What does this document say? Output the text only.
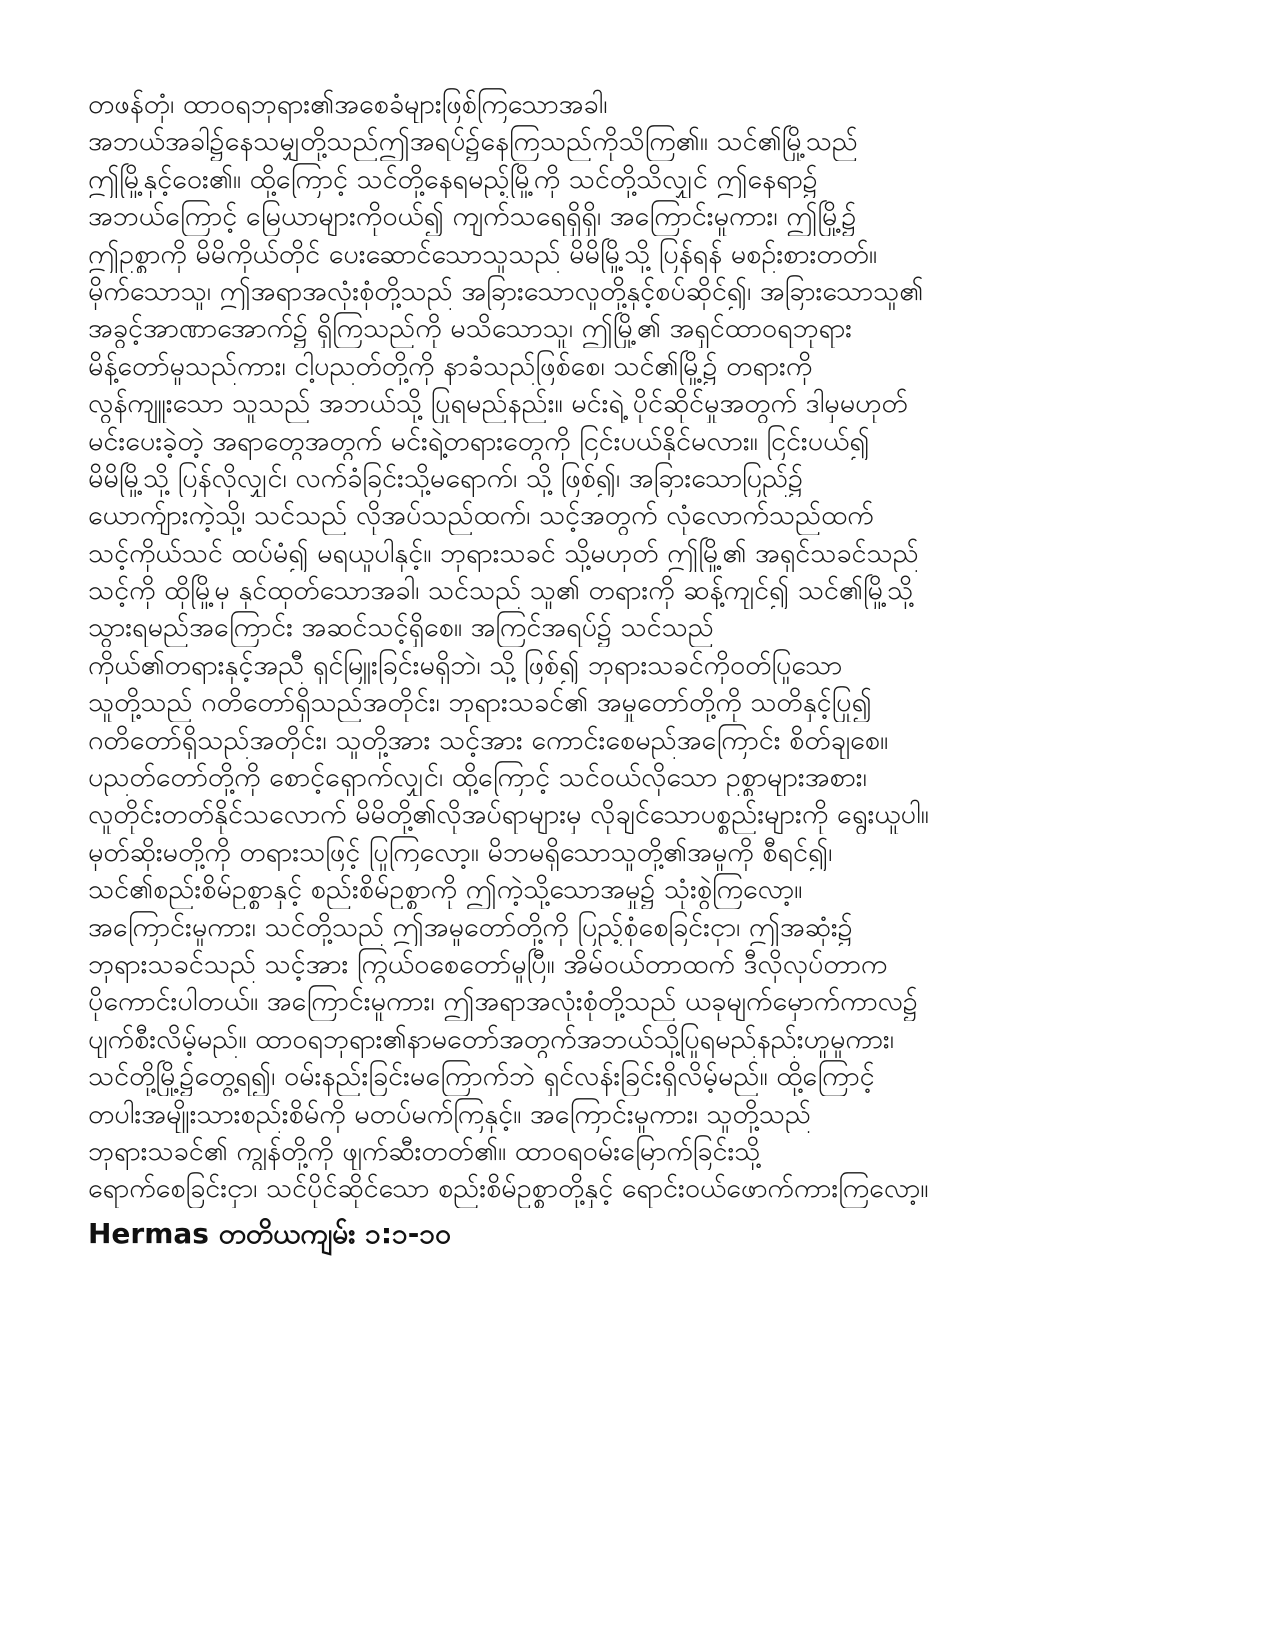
တဖန်တုံ၊ ထာဝရဘုရား၏အစေခံများဖြစ်ကြသောအခါ၊
အဘယ်အခါ၌နေသမျှတို့သည်ဤအရပ်၌နေကြသည်ကိုသိကြ၏။ သင်၏မြို့သည်
ဤမြို့နှင့်ဝေး၏။ ထို့ကြောင့် သင်တို့နေရမည့်မြို့ကို သင်တို့သိလျှင် ဤနေရာ၌
အဘယ်ကြောင့် မြေယာများကိုဝယ်၍ ကျက်သရေရှိရှိ၊ အကြောင်းမူကား၊ ဤမြို့၌
ဤဥစ္စာကို မိမိကိုယ်တိုင် ပေးဆောင်သောသူသည် မိမိမြို့သို့ ပြန်ရန် မစဉ်းစားတတ်။
မိုက်သောသူ၊ ဤအရာအလုံးစုံတို့သည် အခြားသောလူတို့နှင့်စပ်ဆိုင်၍၊ အခြားသောသူ၏
အခွင့်အာဏာအောက်၌ ရှိကြသည်ကို မသိသောသူ၊ ဤမြို့၏ အရှင်ထာဝရဘုရား
မိန့်တော်မူသည်ကား၊ ငါ့ပညတ်တို့ကို နာခံသည်ဖြစ်စေ၊ သင်၏မြို့၌ တရားကို
လွန်ကျူးသော သူသည် အဘယ်သို့ ပြုရမည်နည်း။ မင်းရဲ့ ပိုင်ဆိုင်မှုအတွက် ဒါမှမဟုတ်
မင်းပေးခဲ့တဲ့ အရာတွေအတွက် မင်းရဲ့တရားတွေကို ငြင်းပယ်နိုင်မလား။ ငြင်းပယ်၍
မိမိမြို့သို့ ပြန်လိုလျှင်၊ လက်ခံခြင်းသို့မရောက်၊ သို့ ဖြစ်၍၊ အခြားသောပြည်၌
ယောက်ျားကဲ့သို့၊ သင်သည် လိုအပ်သည်ထက်၊ သင့်အတွက် လုံလောက်သည်ထက်
သင့်ကိုယ်သင် ထပ်မံ၍ မရယူပါနှင့်။ ဘုရားသခင် သို့မဟုတ် ဤမြို့၏ အရှင်သခင်သည်
သင့်ကို ထိုမြို့မှ နှင်ထုတ်သောအခါ၊ သင်သည် သူ၏ တရားကို ဆန့်ကျင်၍ သင်၏မြို့သို့
သွားရမည်အကြောင်း အဆင်သင့်ရှိစေ။ အကြင်အရပ်၌ သင်သည်
ကိုယ်၏တရားနှင့်အညီ ရှင်မြူးခြင်းမရှိဘဲ၊ သို့ ဖြစ်၍ ဘုရားသခင်ကိုဝတ်ပြုသော
သူတို့သည် ဂတိတော်ရှိသည်အတိုင်း၊ ဘုရားသခင်၏ အမှုတော်တို့ကို သတိနှင့်ပြု၍
ဂတိတော်ရှိသည်အတိုင်း၊ သူတို့အား သင့်အား ကောင်းစေမည်အကြောင်း စိတ်ချစေ။
ပညတ်တော်တို့ကို စောင့်ရှောက်လျှင်၊ ထို့ကြောင့် သင်ဝယ်လိုသော ဥစ္စာများအစား၊
လူတိုင်းတတ်နိုင်သလောက် မိမိတို့၏လိုအပ်ရာများမှ လိုချင်သောပစ္စည်းများကို ရွေးယူပါ။
မုတ်ဆိုးမတို့ကို တရားသဖြင့် ပြုကြလော့။ မိဘမရှိသောသူတို့၏အမှုကို စီရင်၍၊
သင်၏စည်းစိမ်ဥစ္စာနှင့် စည်းစိမ်ဥစ္စာကို ဤကဲ့သို့သောအမှု၌ သုံးစွဲကြလော့။
အကြောင်းမူကား၊ သင်တို့သည် ဤအမှုတော်တို့ကို ပြည့်စုံစေခြင်းငှာ၊ ဤအဆုံး၌
ဘုရားသခင်သည် သင့်အား ကြွယ်ဝစေတော်မူပြီ။ အိမ်ဝယ်တာထက် ဒီလိုလုပ်တာက
ပိုကောင်းပါတယ်။ အကြောင်းမူကား၊ ဤအရာအလုံးစုံတို့သည် ယခုမျက်မှောက်ကာလ၌
ပျက်စီးလိမ့်မည်။ ထာဝရဘုရား၏နာမတော်အတွက်အဘယ်သို့ပြုရမည်နည်းဟူမူကား၊
သင်တို့မြို့၌တွေ့ရ၍၊ ဝမ်းနည်းခြင်းမကြောက်ဘဲ ရှင်လန်းခြင်းရှိလိမ့်မည်။ ထို့ကြောင့်
တပါးအမျိုးသားစည်းစိမ်ကို မတပ်မက်ကြနှင့်။ အကြောင်းမူကား၊ သူတို့သည်
ဘုရားသခင်၏ ကျွန်တို့ကို ဖျက်ဆီးတတ်၏။ ထာဝရဝမ်းမြောက်ခြင်းသို့
ရောက်စေခြင်းငှာ၊ သင်ပိုင်ဆိုင်သော စည်းစိမ်ဥစ္စာတို့နှင့် ရောင်းဝယ်ဖောက်ကားကြလော့။
Hermas တတိယကျမ်း ၁:၁-၁၀
